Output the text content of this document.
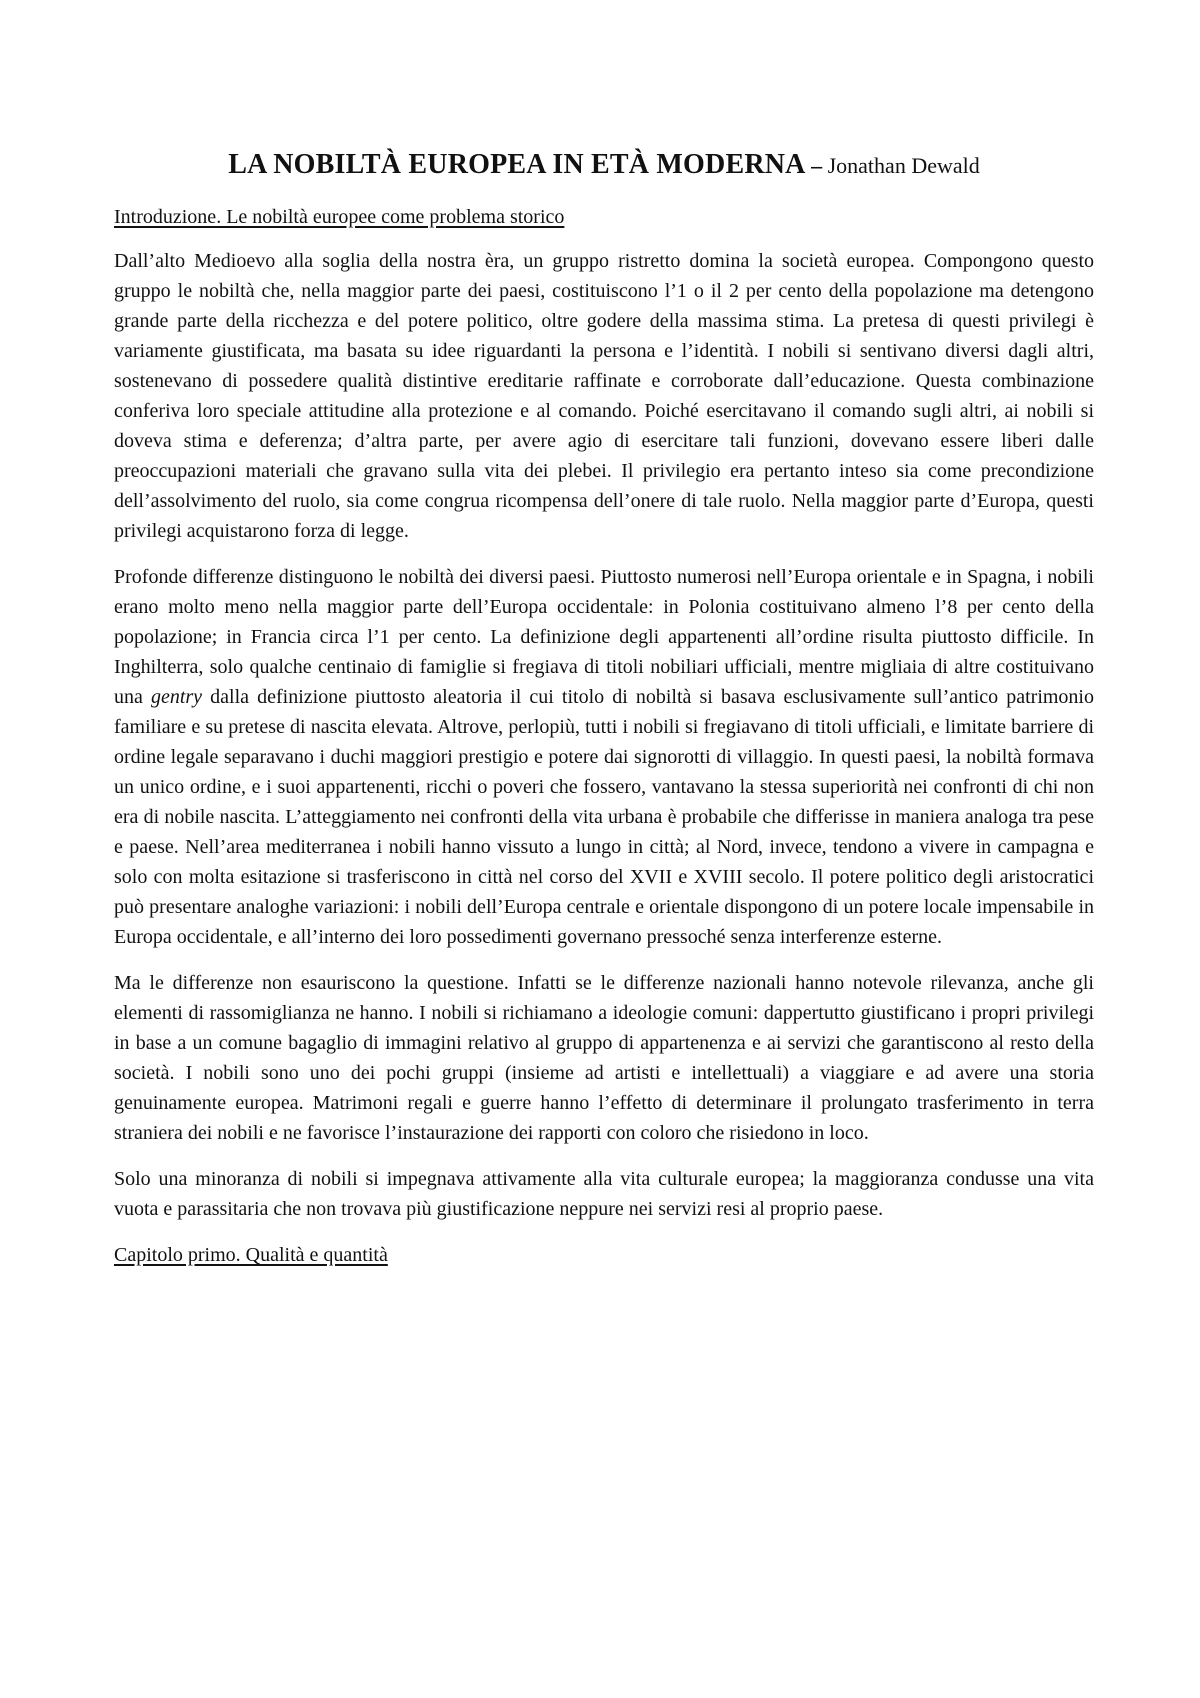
LA NOBILTÀ EUROPEA IN ETÀ MODERNA – Jonathan Dewald
Introduzione. Le nobiltà europee come problema storico

Dall’alto Medioevo alla soglia della nostra èra, un gruppo ristretto domina la società europea. Compongono questo gruppo le nobiltà che, nella maggior parte dei paesi, costituiscono l’1 o il 2 per cento della popolazione ma detengono grande parte della ricchezza e del potere politico, oltre godere della massima stima. La pretesa di questi privilegi è variamente giustificata, ma basata su idee riguardanti la persona e l’identità. I nobili si sentivano diversi dagli altri, sostenevano di possedere qualità distintive ereditarie raffinate e corroborate dall’educazione. Questa combinazione conferiva loro speciale attitudine alla protezione e al comando. Poiché esercitavano il comando sugli altri, ai nobili si doveva stima e deferenza; d’altra parte, per avere agio di esercitare tali funzioni, dovevano essere liberi dalle preoccupazioni materiali che gravano sulla vita dei plebei. Il privilegio era pertanto inteso sia come precondizione dell’assolvimento del ruolo, sia come congrua ricompensa dell’onere di tale ruolo. Nella maggior parte d’Europa, questi privilegi acquistarono forza di legge.

Profonde differenze distinguono le nobiltà dei diversi paesi. Piuttosto numerosi nell’Europa orientale e in Spagna, i nobili erano molto meno nella maggior parte dell’Europa occidentale: in Polonia costituivano almeno l’8 per cento della popolazione; in Francia circa l’1 per cento. La definizione degli appartenenti all’ordine risulta piuttosto difficile. In Inghilterra, solo qualche centinaio di famiglie si fregiava di titoli nobiliari ufficiali, mentre migliaia di altre costituivano una gentry dalla definizione piuttosto aleatoria il cui titolo di nobiltà si basava esclusivamente sull’antico patrimonio familiare e su pretese di nascita elevata. Altrove, perlopiù, tutti i nobili si fregiavano di titoli ufficiali, e limitate barriere di ordine legale separavano i duchi maggiori prestigio e potere dai signorotti di villaggio. In questi paesi, la nobiltà formava un unico ordine, e i suoi appartenenti, ricchi o poveri che fossero, vantavano la stessa superiorità nei confronti di chi non era di nobile nascita. L’atteggiamento nei confronti della vita urbana è probabile che differisse in maniera analoga tra pese e paese. Nell’area mediterranea i nobili hanno vissuto a lungo in città; al Nord, invece, tendono a vivere in campagna e solo con molta esitazione si trasferiscono in città nel corso del XVII e XVIII secolo. Il potere politico degli aristocratici può presentare analoghe variazioni: i nobili dell’Europa centrale e orientale dispongono di un potere locale impensabile in Europa occidentale, e all’interno dei loro possedimenti governano pressoché senza interferenze esterne.

Ma le differenze non esauriscono la questione. Infatti se le differenze nazionali hanno notevole rilevanza, anche gli elementi di rassomiglianza ne hanno. I nobili si richiamano a ideologie comuni: dappertutto giustificano i propri privilegi in base a un comune bagaglio di immagini relativo al gruppo di appartenenza e ai servizi che garantiscono al resto della società. I nobili sono uno dei pochi gruppi (insieme ad artisti e intellettuali) a viaggiare e ad avere una storia genuinamente europea. Matrimoni regali e guerre hanno l’effetto di determinare il prolungato trasferimento in terra straniera dei nobili e ne favorisce l’instaurazione dei rapporti con coloro che risiedono in loco.

Solo una minoranza di nobili si impegnava attivamente alla vita culturale europea; la maggioranza condusse una vita vuota e parassitaria che non trovava più giustificazione neppure nei servizi resi al proprio paese.

Capitolo primo. Qualità e quantità
